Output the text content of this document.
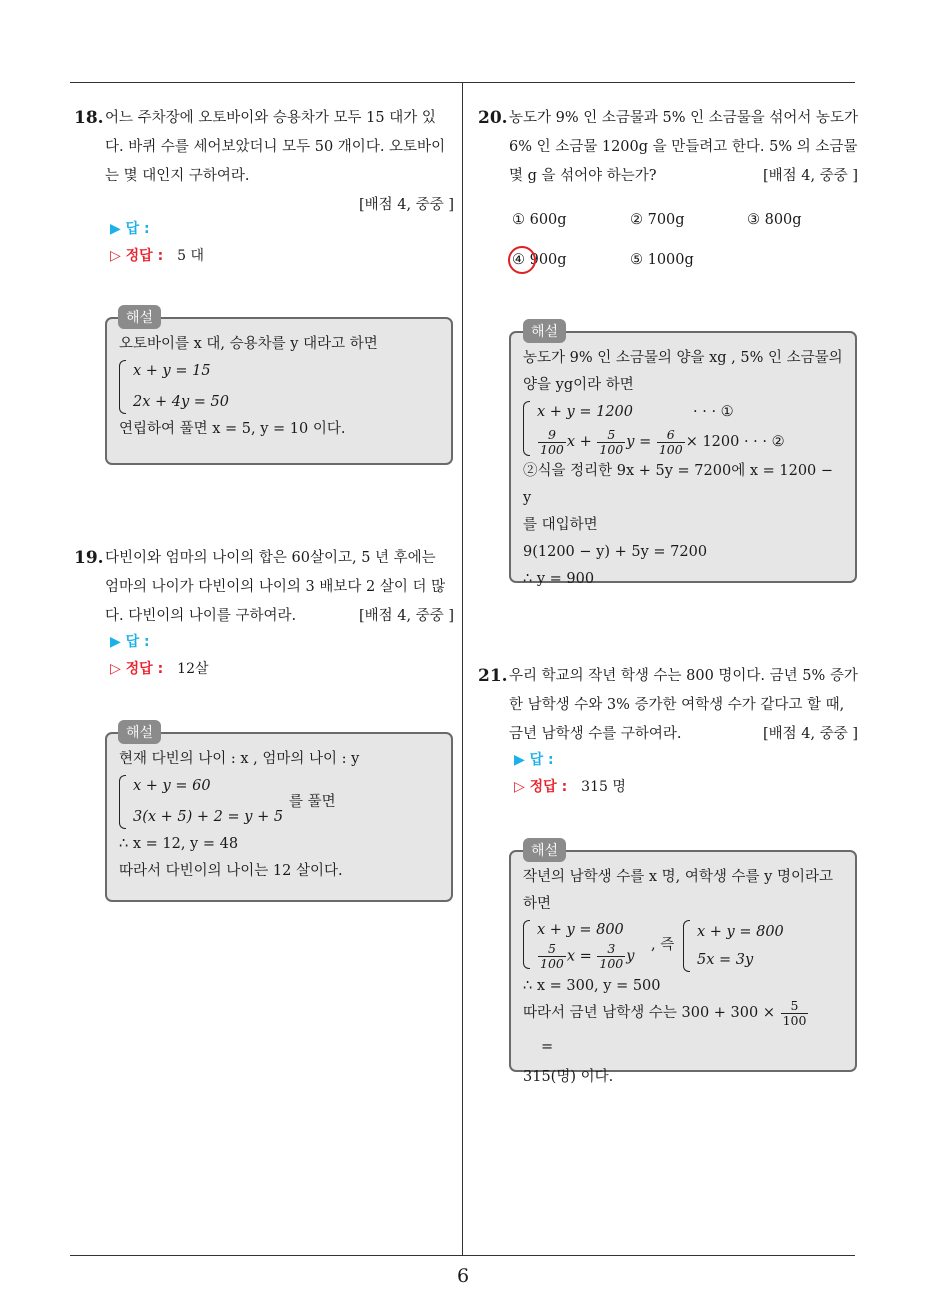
6
18. 어느 주차장에 오토바이와 승용차가 모두 15 대가 있다. 바퀴 수를 세어보았더니 모두 50 개이다. 오토바이는 몇 대인지 구하여라.
[배점 4, 중중 ]
▶ 답 :
▷ 정답 : 5 대
오토바이를 x 대, 승용차를 y 대라고 하면
x + y = 15
2x + 4y = 50
연립하여 풀면 x = 5, y = 10 이다.
해설
19. 다빈이와 엄마의 나이의 합은 60살이고, 5 년 후에는 엄마의 나이가 다빈이의 나이의 3 배보다 2 살이 더 많다. 다빈이의 나이를 구하여라.	[배점 4, 중중 ]
▶ 답 :
▷ 정답 : 12살
현재 다빈의 나이 : x , 엄마의 나이 : y
x + y = 60
3(x + 5) + 2 = y + 5
를 풀면
∴ x = 12, y = 48
따라서 다빈이의 나이는 12 살이다.
해설
20. 농도가 9% 인 소금물과 5% 인 소금물을 섞어서 농도가 6% 인 소금물 1200g 을 만들려고 한다. 5% 의 소금물 몇 g 을 섞어야 하는가?	[배점 4, 중중 ]
① 600g	② 700g	③ 800g
④ 900g	⑤ 1000g
농도가 9% 인 소금물의 양을 xg , 5% 인 소금물의
양을 yg이라 하면
x + y = 1200	· · · ①
$\frac{9}{100}$ $x + \frac{5}{100}$ $y = \frac{6}{100} \times 1200$ · · · ②
②식을 정리한 9x + 5y = 7200에 x = 1200 − y
를 대입하면
9(1200 − y) + 5y = 7200
∴ y = 900
해설
21. 우리 학교의 작년 학생 수는 800 명이다. 금년 5% 증가한 남학생 수와 3% 증가한 여학생 수가 같다고 할 때, 금년 남학생 수를 구하여라.	[배점 4, 중중 ]
▶ 답 :
▷ 정답 : 315 명
작년의 남학생 수를 x 명, 여학생 수를 y 명이라고
하면
x + y = 800
$\frac{5}{100}$ $x = \frac{3}{100}$ y
, 즉
x + y = 800
5x = 3y
∴ x = 300, y = 500
따라서 금년 남학생 수는 $300 + 300 \times \frac{5}{100}$
=
315(명) 이다.
해설
